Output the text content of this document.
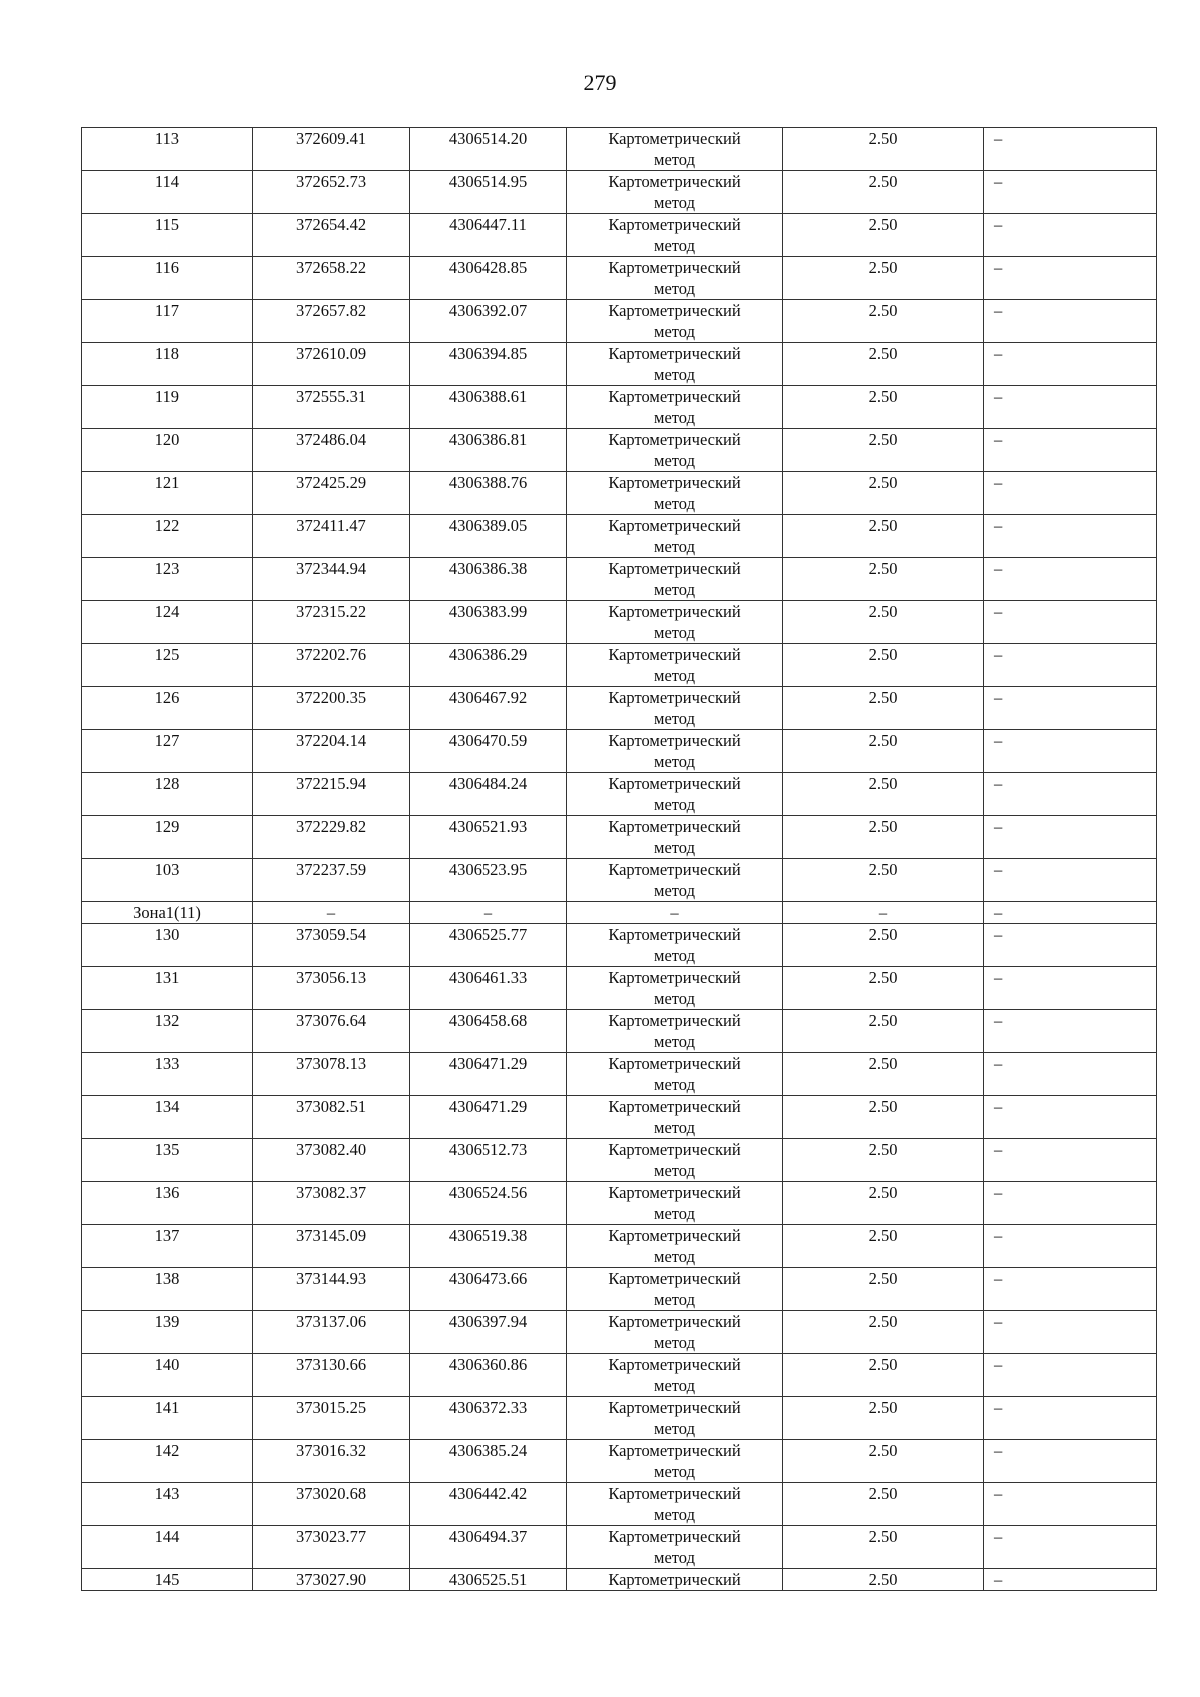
279
113	372609.41	4306514.20	Картометрический
метод	2.50	–
114	372652.73	4306514.95	Картометрический
метод	2.50	–
115	372654.42	4306447.11	Картометрический
метод	2.50	–
116	372658.22	4306428.85	Картометрический
метод	2.50	–
117	372657.82	4306392.07	Картометрический
метод	2.50	–
118	372610.09	4306394.85	Картометрический
метод	2.50	–
119	372555.31	4306388.61	Картометрический
метод	2.50	–
120	372486.04	4306386.81	Картометрический
метод	2.50	–
121	372425.29	4306388.76	Картометрический
метод	2.50	–
122	372411.47	4306389.05	Картометрический
метод	2.50	–
123	372344.94	4306386.38	Картометрический
метод	2.50	–
124	372315.22	4306383.99	Картометрический
метод	2.50	–
125	372202.76	4306386.29	Картометрический
метод	2.50	–
126	372200.35	4306467.92	Картометрический
метод	2.50	–
127	372204.14	4306470.59	Картометрический
метод	2.50	–
128	372215.94	4306484.24	Картометрический
метод	2.50	–
129	372229.82	4306521.93	Картометрический
метод	2.50	–
103	372237.59	4306523.95	Картометрический
метод	2.50	–
Зона1(11)	–	–	–	–	–
130	373059.54	4306525.77	Картометрический
метод	2.50	–
131	373056.13	4306461.33	Картометрический
метод	2.50	–
132	373076.64	4306458.68	Картометрический
метод	2.50	–
133	373078.13	4306471.29	Картометрический
метод	2.50	–
134	373082.51	4306471.29	Картометрический
метод	2.50	–
135	373082.40	4306512.73	Картометрический
метод	2.50	–
136	373082.37	4306524.56	Картометрический
метод	2.50	–
137	373145.09	4306519.38	Картометрический
метод	2.50	–
138	373144.93	4306473.66	Картометрический
метод	2.50	–
139	373137.06	4306397.94	Картометрический
метод	2.50	–
140	373130.66	4306360.86	Картометрический
метод	2.50	–
141	373015.25	4306372.33	Картометрический
метод	2.50	–
142	373016.32	4306385.24	Картометрический
метод	2.50	–
143	373020.68	4306442.42	Картометрический
метод	2.50	–
144	373023.77	4306494.37	Картометрический
метод	2.50	–
145	373027.90	4306525.51	Картометрический	2.50	–
